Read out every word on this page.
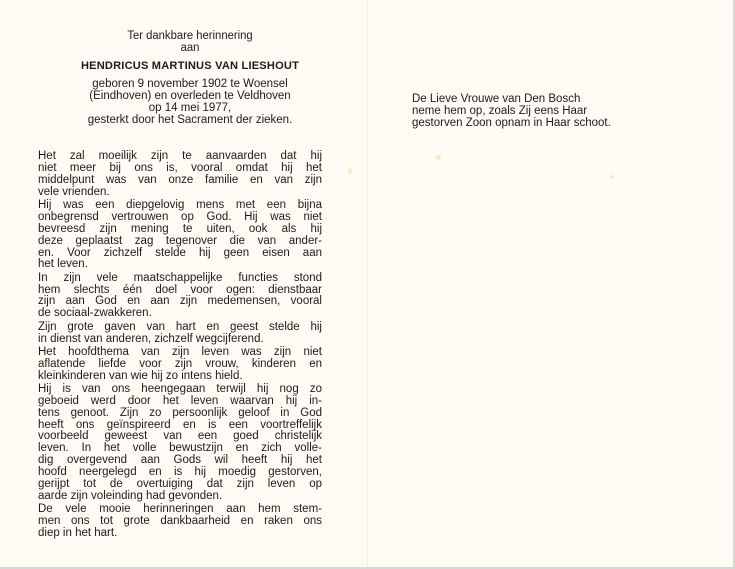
Ter dankbare herinnering
aan
HENDRICUS MARTINUS VAN LIESHOUT
geboren 9 november 1902 te Woensel
(Eindhoven) en overleden te Veldhoven
op 14 mei 1977,
gesterkt door het Sacrament der zieken.
Het zal moeilijk zijn te aanvaarden dat hij
niet meer bij ons is, vooral omdat hij het
middelpunt was van onze familie en van zijn
vele vrienden.
Hij was een diepgelovig mens met een bijna
onbegrensd vertrouwen op God. Hij was niet
bevreesd zijn mening te uiten, ook als hij
deze geplaatst zag tegenover die van ander-
en. Voor zichzelf stelde hij geen eisen aan
het leven.
In zijn vele maatschappelijke functies stond
hem slechts één doel voor ogen: dienstbaar
zijn aan God en aan zijn medemensen, vooral
de sociaal-zwakkeren.
Zijn grote gaven van hart en geest stelde hij
in dienst van anderen, zichzelf wegcijferend.
Het hoofdthema van zijn leven was zijn niet
aflatende liefde voor zijn vrouw, kinderen en
kleinkinderen van wie hij zo intens hield.
Hij is van ons heengegaan terwijl hij nog zo
geboeid werd door het leven waarvan hij in-
tens genoot. Zijn zo persoonlijk geloof in God
heeft ons geïnspireerd en is een voortreffelijk
voorbeeld geweest van een goed christelijk
leven. In het volle bewustzijn en zich volle-
dig overgevend aan Gods wil heeft hij het
hoofd neergelegd en is hij moedig gestorven,
gerijpt tot de overtuiging dat zijn leven op
aarde zijn voleinding had gevonden.
De vele mooie herinneringen aan hem stem-
men ons tot grote dankbaarheid en raken ons
diep in het hart.
De Lieve Vrouwe van Den Bosch
neme hem op, zoals Zij eens Haar
gestorven Zoon opnam in Haar schoot.
